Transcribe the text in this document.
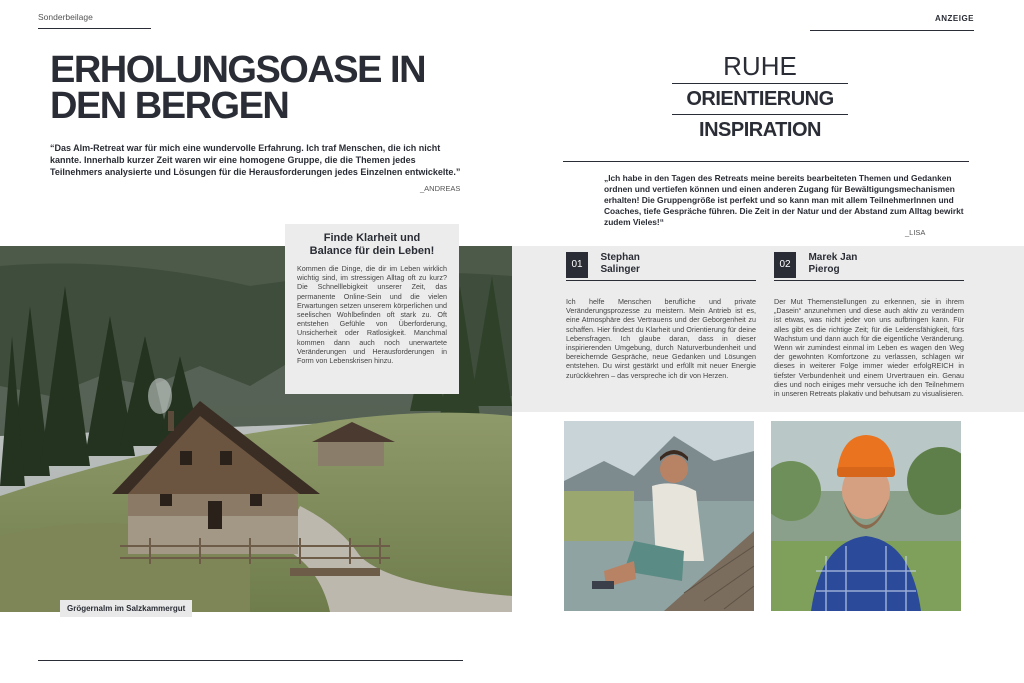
Sonderbeilage	ANZEIGE
ERHOLUNGSOASE IN
DEN BERGEN
“Das Alm-Retreat war für mich eine wundervolle Erfahrung. Ich traf Menschen, die ich nicht kannte. Innerhalb kurzer Zeit waren wir eine homogene Gruppe, die die Themen jedes Teilnehmers analysierte und Lösungen für die Herausforderungen jedes Einzelnen entwickelte.”
_ANDREAS
Grögernalm im Salzkammergut
Finde Klarheit und
Balance für dein Leben!

Kommen die Dinge, die dir im Leben wirklich wichtig sind, im stressigen Alltag oft zu kurz? Die Schnelllebigkeit unserer Zeit, das permanente Online-Sein und die vielen Erwartungen setzen unserem körperlichen und seelischen Wohlbefinden oft stark zu. Oft entstehen Gefühle von Überforderung, Unsicherheit oder Ratlosigkeit. Manchmal kommen dann auch noch unerwartete Veränderungen und Herausforderungen in Form von Lebenskrisen hinzu.

RUHE
ORIENTIERUNG
INSPIRATION
„Ich habe in den Tagen des Retreats meine bereits bearbeiteten Themen und Gedanken ordnen und vertiefen können und einen anderen Zugang für Bewältigungsmechanismen erhalten! Die Gruppengröße ist perfekt und so kann man mit allem TeilnehmerInnen und Coaches, tiefe Gespräche führen. Die Zeit in der Natur und der Abstand zum Alltag bewirkt zudem Vieles!“
_LISA
01 Stephan
Salinger

Ich helfe Menschen berufliche und private Veränderungsprozesse zu meistern. Mein Antrieb ist es, eine Atmosphäre des Vertrauens und der Geborgenheit zu schaffen. Hier findest du Klarheit und Orientierung für deine Lebensfragen. Ich glaube daran, dass in dieser inspirierenden Umgebung, durch Naturverbundenheit und bereichernde Gespräche, neue Gedanken und Lösungen entstehen. Du wirst gestärkt und erfüllt mit neuer Energie zurückkehren – das verspreche ich dir von Herzen.

02 Marek Jan
Pierog

Der Mut Themenstellungen zu erkennen, sie in ihrem „Dasein“ anzunehmen und diese auch aktiv zu verändern ist etwas, was nicht jeder von uns aufbringen kann. Für alles gibt es die richtige Zeit; für die Leidensfähigkeit, fürs Wachstum und dann auch für die eigentliche Veränderung. Wenn wir zumindest einmal im Leben es wagen den Weg der gewohnten Komfortzone zu verlassen, schlagen wir dieses in weiterer Folge immer wieder erfolgREICH in tiefster Verbundenheit und einem Urvertrauen ein. Genau dies und noch einiges mehr versuche ich den Teilnehmern in unseren Retreats plakativ und behutsam zu visualisieren.
